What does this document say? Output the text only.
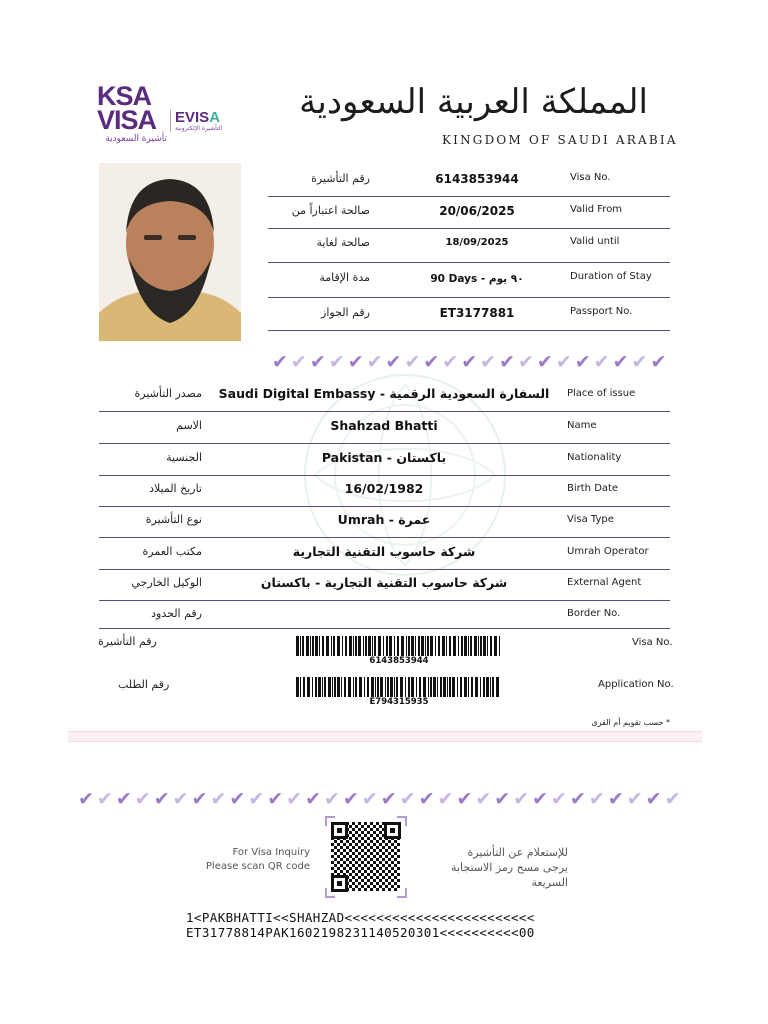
KSA
VISA
تأشيرة السعودية
EVISA
التأشيرة الإلكترونية
المملكة العربية السعودية
KINGDOM OF SAUDI ARABIA
رقم التأشيرة	6143853944	Visa No.
صالحة اعتباراً من	20/06/2025	Valid From
صالحة لغاية	18/09/2025	Valid until
مدة الإقامة	90 Days - ٩٠ يوم	Duration of Stay
رقم الجواز	ET3177881	Passport No.
✔ ✔ ✔ ✔ ✔ ✔ ✔ ✔ ✔ ✔ ✔ ✔ ✔ ✔ ✔ ✔ ✔ ✔ ✔ ✔ ✔
مصدر التأشيرة	Saudi Digital Embassy - السفارة السعودية الرقمية	Place of issue
الاسم	Shahzad Bhatti	Name
الجنسية	Pakistan - باكستان	Nationality
تاريخ الميلاد	16/02/1982	Birth Date
نوع التأشيرة	Umrah - عمرة	Visa Type
مكتب العمرة	شركة حاسوب التقنية التجارية	Umrah Operator
الوكيل الخارجي	شركة حاسوب التقنية التجارية - باكستان	External Agent
رقم الحدود	Border No.
رقم التأشيرة
6143853944
Visa No.
رقم الطلب
E794315935
Application No.
* حسب تقويم أم القرى
✔ ✔ ✔ ✔ ✔ ✔ ✔ ✔ ✔ ✔ ✔ ✔ ✔ ✔ ✔ ✔ ✔ ✔ ✔ ✔ ✔ ✔ ✔ ✔ ✔ ✔ ✔ ✔ ✔ ✔ ✔ ✔
For Visa Inquiry
Please scan QR code
للإستعلام عن التأشيرة
يرجى مسح رمز الاستجابة السريعة
1<PAKBHATTI<<SHAHZAD<<<<<<<<<<<<<<<<<<<<<<<<
ET31778814PAK1602198231140520301<<<<<<<<<<00
